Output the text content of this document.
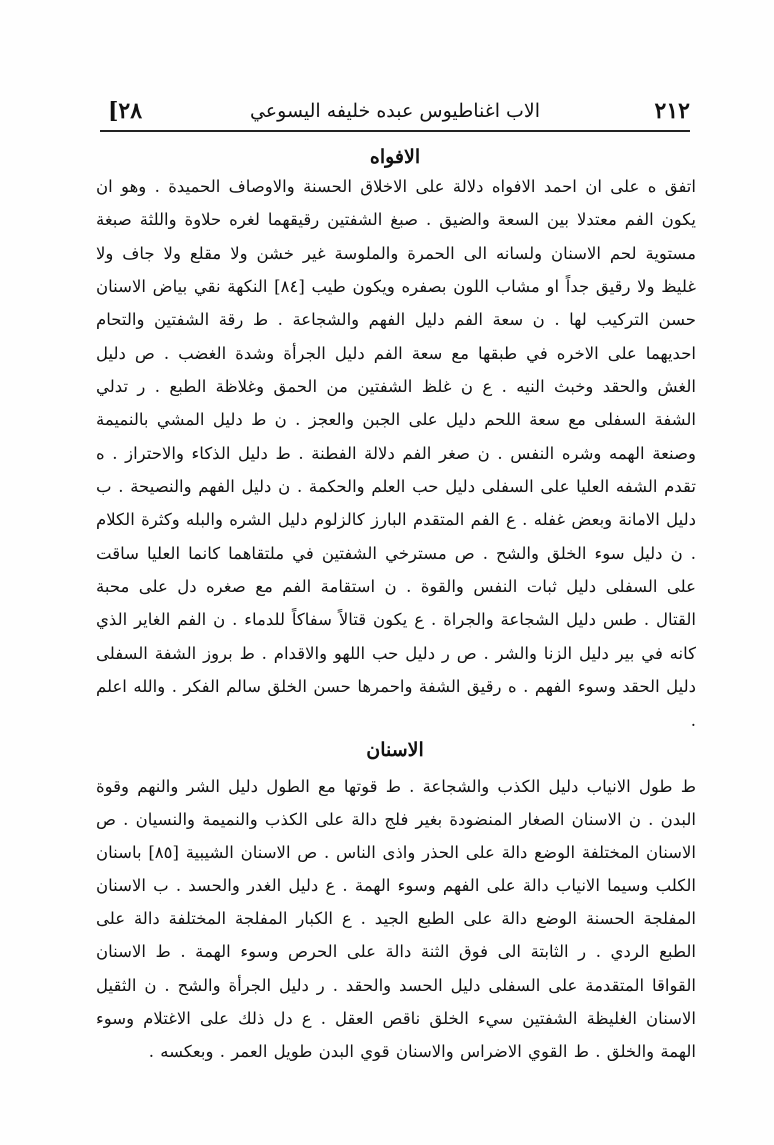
٢١٢
الاب اغناطيوس عبده خليفه اليسوعي
[٢٨
الافواه
اتفق ه على ان احمد الافواه دلالة على الاخلاق الحسنة والاوصاف الحميدة . وهو ان يكون الفم معتدلا بين السعة والضيق . صبغ الشفتين رقيقهما لغره حلاوة واللثة صبغة مستوية لحم الاسنان ولسانه الى الحمرة والملوسة غير خشن ولا مقلع ولا جاف ولا غليظ ولا رقيق جداً او مشاب اللون بصفره ويكون طيب [٨٤] النكهة نقي بياض الاسنان حسن التركيب لها . ن سعة الفم دليل الفهم والشجاعة . ط رقة الشفتين والتحام احديهما على الاخره في طبقها مع سعة الفم دليل الجرأة وشدة الغضب . ص دليل الغش والحقد وخبث النيه . ع ن غلظ الشفتين من الحمق وغلاظة الطبع . ر تدلي الشفة السفلى مع سعة اللحم دليل على الجبن والعجز . ن ط دليل المشي بالنميمة وصنعة الهمه وشره النفس . ن صغر الفم دلالة الفطنة . ط دليل الذكاء والاحتراز . ه تقدم الشفه العليا على السفلى دليل حب العلم والحكمة . ن دليل الفهم والنصيحة . ب دليل الامانة وبعض غفله . ع الفم المتقدم البارز كالزلوم دليل الشره والبله وكثرة الكلام . ن دليل سوء الخلق والشح . ص مسترخي الشفتين في ملتقاهما كانما العليا ساقت على السفلى دليل ثبات النفس والقوة . ن استقامة الفم مع صغره دل على محبة القتال . طس دليل الشجاعة والجراة . ع يكون قتالاً سفاكاً للدماء . ن الفم الغاير الذي كانه في بير دليل الزنا والشر . ص ر دليل حب اللهو والاقدام . ط بروز الشفة السفلى دليل الحقد وسوء الفهم . ه رقيق الشفة واحمرها حسن الخلق سالم الفكر . والله اعلم .
الاسنان
ط طول الانياب دليل الكذب والشجاعة . ط قوتها مع الطول دليل الشر والنهم وقوة البدن . ن الاسنان الصغار المنضودة بغير فلج دالة على الكذب والنميمة والنسيان . ص الاسنان المختلفة الوضع دالة على الحذر واذى الناس . ص الاسنان الشيبية [٨٥] باسنان الكلب وسيما الانياب دالة على الفهم وسوء الهمة . ع دليل الغدر والحسد . ب الاسنان المفلجة الحسنة الوضع دالة على الطبع الجيد . ع الكبار المفلجة المختلفة دالة على الطبع الردي . ر الثابتة الى فوق الثنة دالة على الحرص وسوء الهمة . ط الاسنان القواقا المتقدمة على السفلى دليل الحسد والحقد . ر دليل الجرأة والشح . ن الثقيل الاسنان الغليظة الشفتين سيء الخلق ناقص العقل . ع دل ذلك على الاغتلام وسوء الهمة والخلق . ط القوي الاضراس والاسنان قوي البدن طويل العمر . وبعكسه .
